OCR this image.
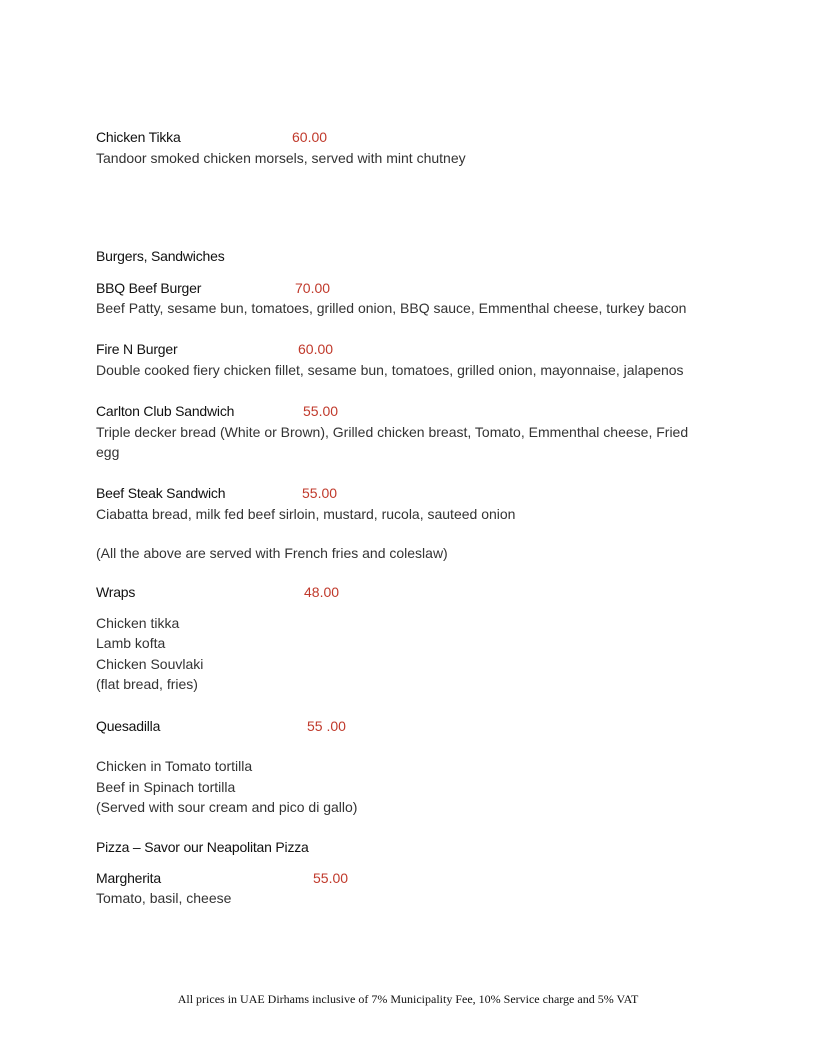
Chicken Tikka	60.00
Tandoor smoked chicken morsels, served with mint chutney
Burgers, Sandwiches
BBQ Beef Burger	70.00
Beef Patty, sesame bun, tomatoes, grilled onion, BBQ sauce, Emmenthal cheese, turkey bacon
Fire N Burger	60.00
Double cooked fiery chicken fillet, sesame bun, tomatoes, grilled onion, mayonnaise, jalapenos
Carlton Club Sandwich	55.00
Triple decker bread (White or Brown), Grilled chicken breast, Tomato, Emmenthal cheese, Fried
egg
Beef Steak Sandwich	55.00
Ciabatta bread, milk fed beef sirloin, mustard, rucola, sauteed onion
(All the above are served with French fries and coleslaw)
Wraps	48.00
Chicken tikka
Lamb kofta
Chicken Souvlaki
(flat bread, fries)
Quesadilla	55 .00
Chicken in Tomato tortilla
Beef in Spinach tortilla
(Served with sour cream and pico di gallo)
Pizza – Savor our Neapolitan Pizza
Margherita	55.00
Tomato, basil, cheese
All prices in UAE Dirhams inclusive of 7% Municipality Fee, 10% Service charge and 5% VAT
